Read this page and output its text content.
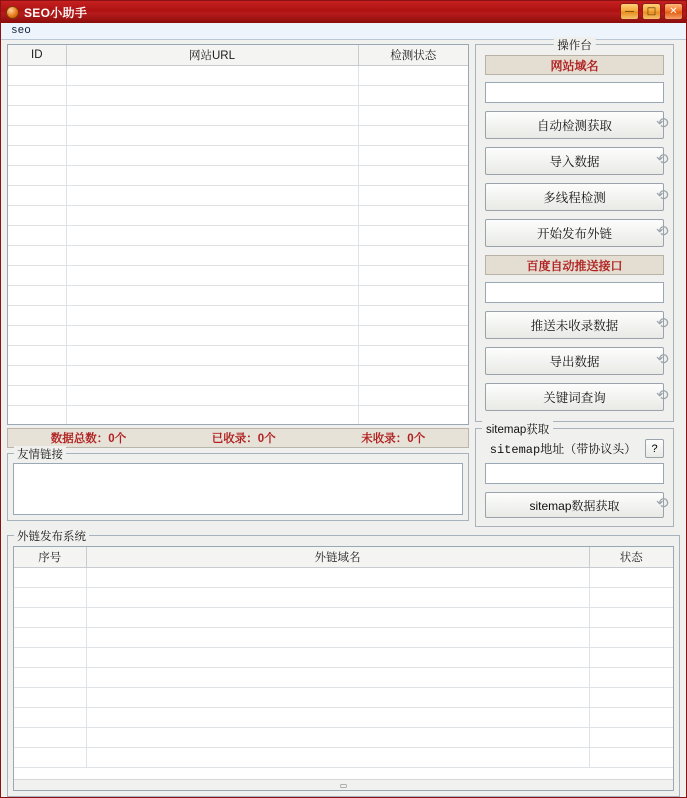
SEO小助手	—	□	✕
seo
ID	网站URL	检测状态

数据总数：0个	已收录：0个	未收录：0个
友情链接
操作台
网站域名
自动检测获取	⟲
导入数据	⟲
多线程检测	⟲
开始发布外链	⟲
百度自动推送接口
推送未收录数据	⟲
导出数据	⟲
关键词查询	⟲
sitemap获取
sitemap地址（带协议头）	?
sitemap数据获取 ⟲
外链发布系统
序号	外链域名	状态

▭
